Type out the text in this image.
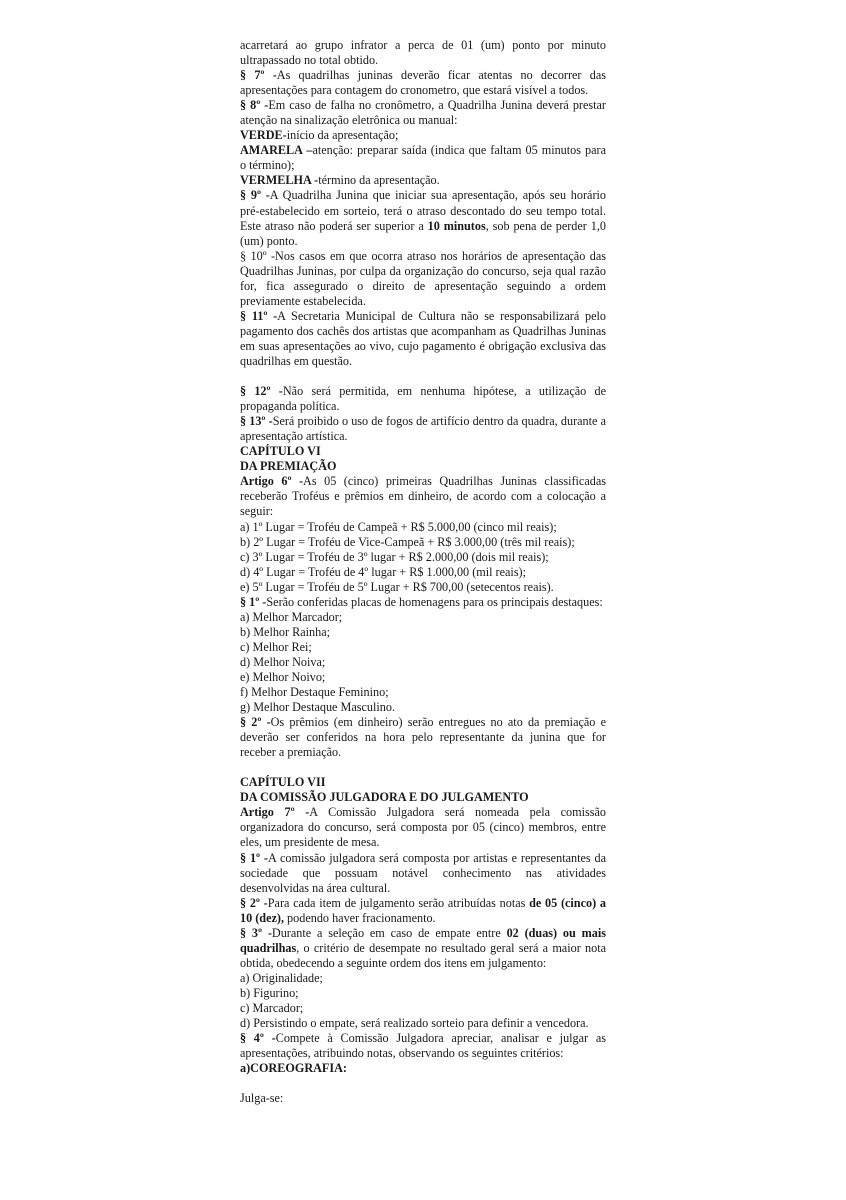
acarretará ao grupo infrator a perca de 01 (um) ponto por minuto ultrapassado no total obtido.
§ 7º -As quadrilhas juninas deverão ficar atentas no decorrer das apresentações para contagem do cronometro, que estará visível a todos.
§ 8º -Em caso de falha no cronômetro, a Quadrilha Junina deverá prestar atenção na sinalização eletrônica ou manual:
VERDE-início da apresentação;
AMARELA –atenção: preparar saída (indica que faltam 05 minutos para o término);
VERMELHA -término da apresentação.
§ 9º -A Quadrilha Junina que iniciar sua apresentação, após seu horário pré-estabelecido em sorteio, terá o atraso descontado do seu tempo total. Este atraso não poderá ser superior a 10 minutos, sob pena de perder 1,0 (um) ponto.
§ 10º -Nos casos em que ocorra atraso nos horários de apresentação das Quadrilhas Juninas, por culpa da organização do concurso, seja qual razão for, fica assegurado o direito de apresentação seguindo a ordem previamente estabelecida.
§ 11º -A Secretaria Municipal de Cultura não se responsabilizará pelo pagamento dos cachês dos artistas que acompanham as Quadrilhas Juninas em suas apresentações ao vivo, cujo pagamento é obrigação exclusiva das quadrilhas em questão.
§ 12º -Não será permitida, em nenhuma hipótese, a utilização de propaganda política.
§ 13º -Será proibido o uso de fogos de artifício dentro da quadra, durante a apresentação artística.
CAPÍTULO VI
DA PREMIAÇÃO
Artigo 6º -As 05 (cinco) primeiras Quadrilhas Juninas classificadas receberão Troféus e prêmios em dinheiro, de acordo com a colocação a seguir:
a) 1º Lugar = Troféu de Campeã + R$ 5.000,00 (cinco mil reais);
b) 2º Lugar = Troféu de Vice-Campeã + R$ 3.000,00 (três mil reais);
c) 3º Lugar = Troféu de 3º lugar + R$ 2.000,00 (dois mil reais);
d) 4º Lugar = Troféu de 4º lugar + R$ 1.000,00 (mil reais);
e) 5º Lugar = Troféu de 5º Lugar + R$ 700,00 (setecentos reais).
§ 1º -Serão conferidas placas de homenagens para os principais destaques:
a) Melhor Marcador;
b) Melhor Rainha;
c) Melhor Rei;
d) Melhor Noiva;
e) Melhor Noivo;
f) Melhor Destaque Feminino;
g) Melhor Destaque Masculino.
§ 2º -Os prêmios (em dinheiro) serão entregues no ato da premiação e deverão ser conferidos na hora pelo representante da junina que for receber a premiação.
CAPÍTULO VII
DA COMISSÃO JULGADORA E DO JULGAMENTO
Artigo 7º -A Comissão Julgadora será nomeada pela comissão organizadora do concurso, será composta por 05 (cinco) membros, entre eles, um presidente de mesa.
§ 1º -A comissão julgadora será composta por artistas e representantes da sociedade que possuam notável conhecimento nas atividades desenvolvidas na área cultural.
§ 2º -Para cada item de julgamento serão atribuídas notas de 05 (cinco) a 10 (dez), podendo haver fracionamento.
§ 3º -Durante a seleção em caso de empate entre 02 (duas) ou mais quadrilhas, o critério de desempate no resultado geral será a maior nota obtida, obedecendo a seguinte ordem dos itens em julgamento:
a) Originalidade;
b) Figurino;
c) Marcador;
d) Persistindo o empate, será realizado sorteio para definir a vencedora.
§ 4º -Compete à Comissão Julgadora apreciar, analisar e julgar as apresentações, atribuindo notas, observando os seguintes critérios:
a)COREOGRAFIA:
Julga-se:
